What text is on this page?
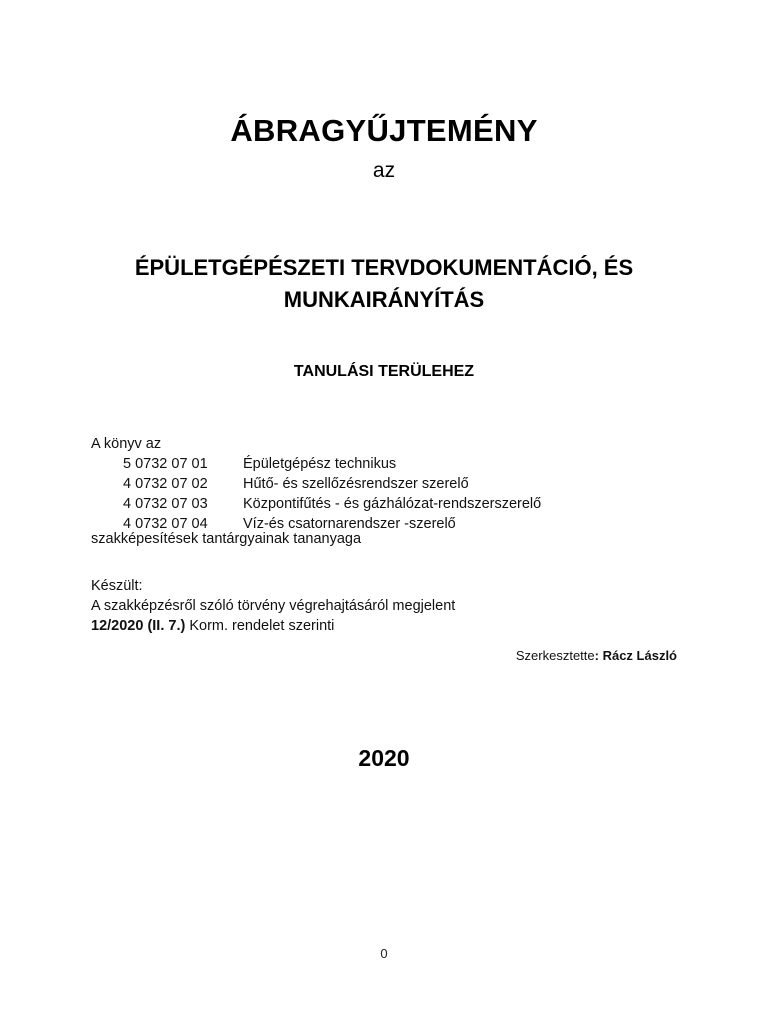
ÁBRAGYŰJTEMÉNY
az
ÉPÜLETGÉPÉSZETI TERVDOKUMENTÁCIÓ, ÉS
MUNKAIRÁNYÍTÁS
TANULÁSI TERÜLEHEZ
A könyv az
5 0732 07 01	Épületgépész technikus
4 0732 07 02	Hűtő- és szellőzésrendszer szerelő
4 0732 07 03	Központifűtés - és gázhálózat-rendszerszerelő
4 0732 07 04	Víz-és csatornarendszer -szerelő
szakképesítések tantárgyainak tananyaga
Készült:
A szakképzésről szóló törvény végrehajtásáról megjelent
12/2020 (II. 7.) Korm. rendelet szerinti
Szerkesztette: Rácz László
2020
0
